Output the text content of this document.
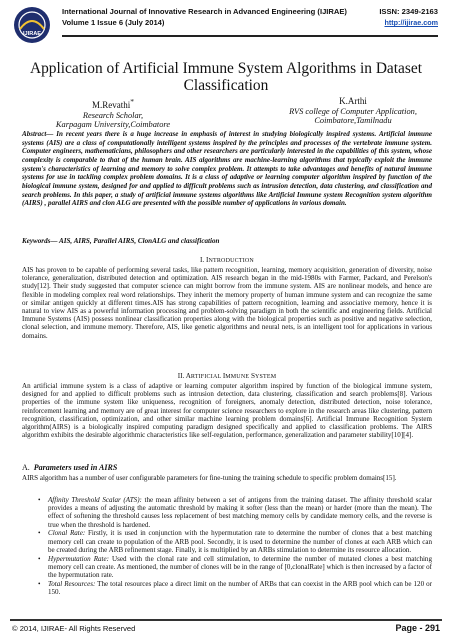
IJIRAE
International Journal of Innovative Research in Advanced Engineering (IJIRAE)	ISSN: 2349-2163
Volume 1 Issue 6 (July 2014)	http://ijirae.com
Application of Artificial Immune System Algorithms in Dataset Classification
M.Revathi*
Research Scholar,
Karpagam University,Coimbatore
K.Arthi
RVS college of Computer Application,
Coimbatore,Tamilnadu
Abstract— In recent years there is a huge increase in emphasis of interest in studying biologically inspired systems. Artificial immune systems (AIS) are a class of computationally intelligent systems inspired by the principles and processes of the vertebrate immune system. Computer engineers, mathematicians, philosophers and other researchers are particularly interested in the capabilities of this system, whose complexity is comparable to that of the human brain. AIS algorithms are machine-learning algorithms that typically exploit the immune system's characteristics of learning and memory to solve complex problem. It attempts to take advantages and benefits of natural immune systems for use in tackling complex problem domains. It is a class of adaptive or learning computer algorithm inspired by function of the biological immune system, designed for and applied to difficult problems such as intrusion detection, data clustering, and classification and search problems. In this paper, a study of artificial immune systems algorithms like Artificial Immune system Recognition system algorithm (AIRS) , parallel AIRS and clon ALG are presented with the possible number of applications in various domain.
Keywords— AIS, AIRS, Parallel AIRS, ClonALG and classification
I. INTRODUCTION
AIS has proven to be capable of performing several tasks, like pattern recognition, learning, memory acquisition, generation of diversity, noise tolerance, generalization, distributed detection and optimization. AIS research began in the mid-1980s with Farmer, Packard, and Perelson's study[12]. Their study suggested that computer science can might borrow from the immune system. AIS are nonlinear models, and hence are flexible in modeling complex real word relationships. They inherit the memory property of human immune system and can recognize the same or similar antigen quickly at different times.AIS has strong capabilities of pattern recognition, learning and associative memory, hence it is natural to view AIS as a powerful information processing and problem-solving paradigm in both the scientific and engineering fields. Artificial Immune Systems (AIS) possess nonlinear classification properties along with the biological properties such as positive and negative selection, clonal selection, and immune memory. Therefore, AIS, like genetic algorithms and neural nets, is an intelligent tool for applications in various domains.
II. ARTIFICIAL IMMUNE SYSTEM
An artificial immune system is a class of adaptive or learning computer algorithm inspired by function of the biological immune system, designed for and applied to difficult problems such as intrusion detection, data clustering, classification and search problems[8]. Various properties of the immune system like uniqueness, recognition of foreigners, anomaly detection, distributed detection, noise tolerance, reinforcement learning and memory are of great interest for computer science researchers to explore in the research areas like clustering, pattern recognition, classification, optimization, and other similar machine learning problem domains[6]. Artificial Immune Recognition System algorithm(AIRS) is a biologically inspired computing paradigm designed specifically and applied to classification problems. The AIRS algorithm exhibits the desirable algorithmic characteristics like self-regulation, performance, generalization and parameter stability[10][4].
A. Parameters used in AIRS
AIRS algorithm has a number of user configurable parameters for fine-tuning the training schedule to specific problem domains[15].
• Affinity Threshold Scalar (ATS): the mean affinity between a set of antigens from the training dataset. The affinity threshold scalar provides a means of adjusting the automatic threshold by making it softer (less than the mean) or harder (more than the mean). The effect of softening the threshold causes less replacement of best matching memory cells by candidate memory cells, and the reverse is true when the threshold is hardened.
• Clonal Rate: Firstly, it is used in conjunction with the hypermutation rate to determine the number of clones that a best matching memory cell can create to population of the ARB pool. Secondly, it is used to determine the number of clones at each ARB which can be created during the ARB refinement stage. Finally, it is multiplied by an ARBs stimulation to determine its resource allocation.
• Hypermutation Rate: Used with the clonal rate and cell stimulation, to determine the number of mutated clones a best matching memory cell can create. As mentioned, the number of clones will be in the range of [0,clonalRate] which is then increased by a factor of the hypermutation rate.
• Total Resources: The total resources place a direct limit on the number of ARBs that can coexist in the ARB pool which can be 120 or 150.
© 2014, IJIRAE- All Rights Reserved	Page - 291
